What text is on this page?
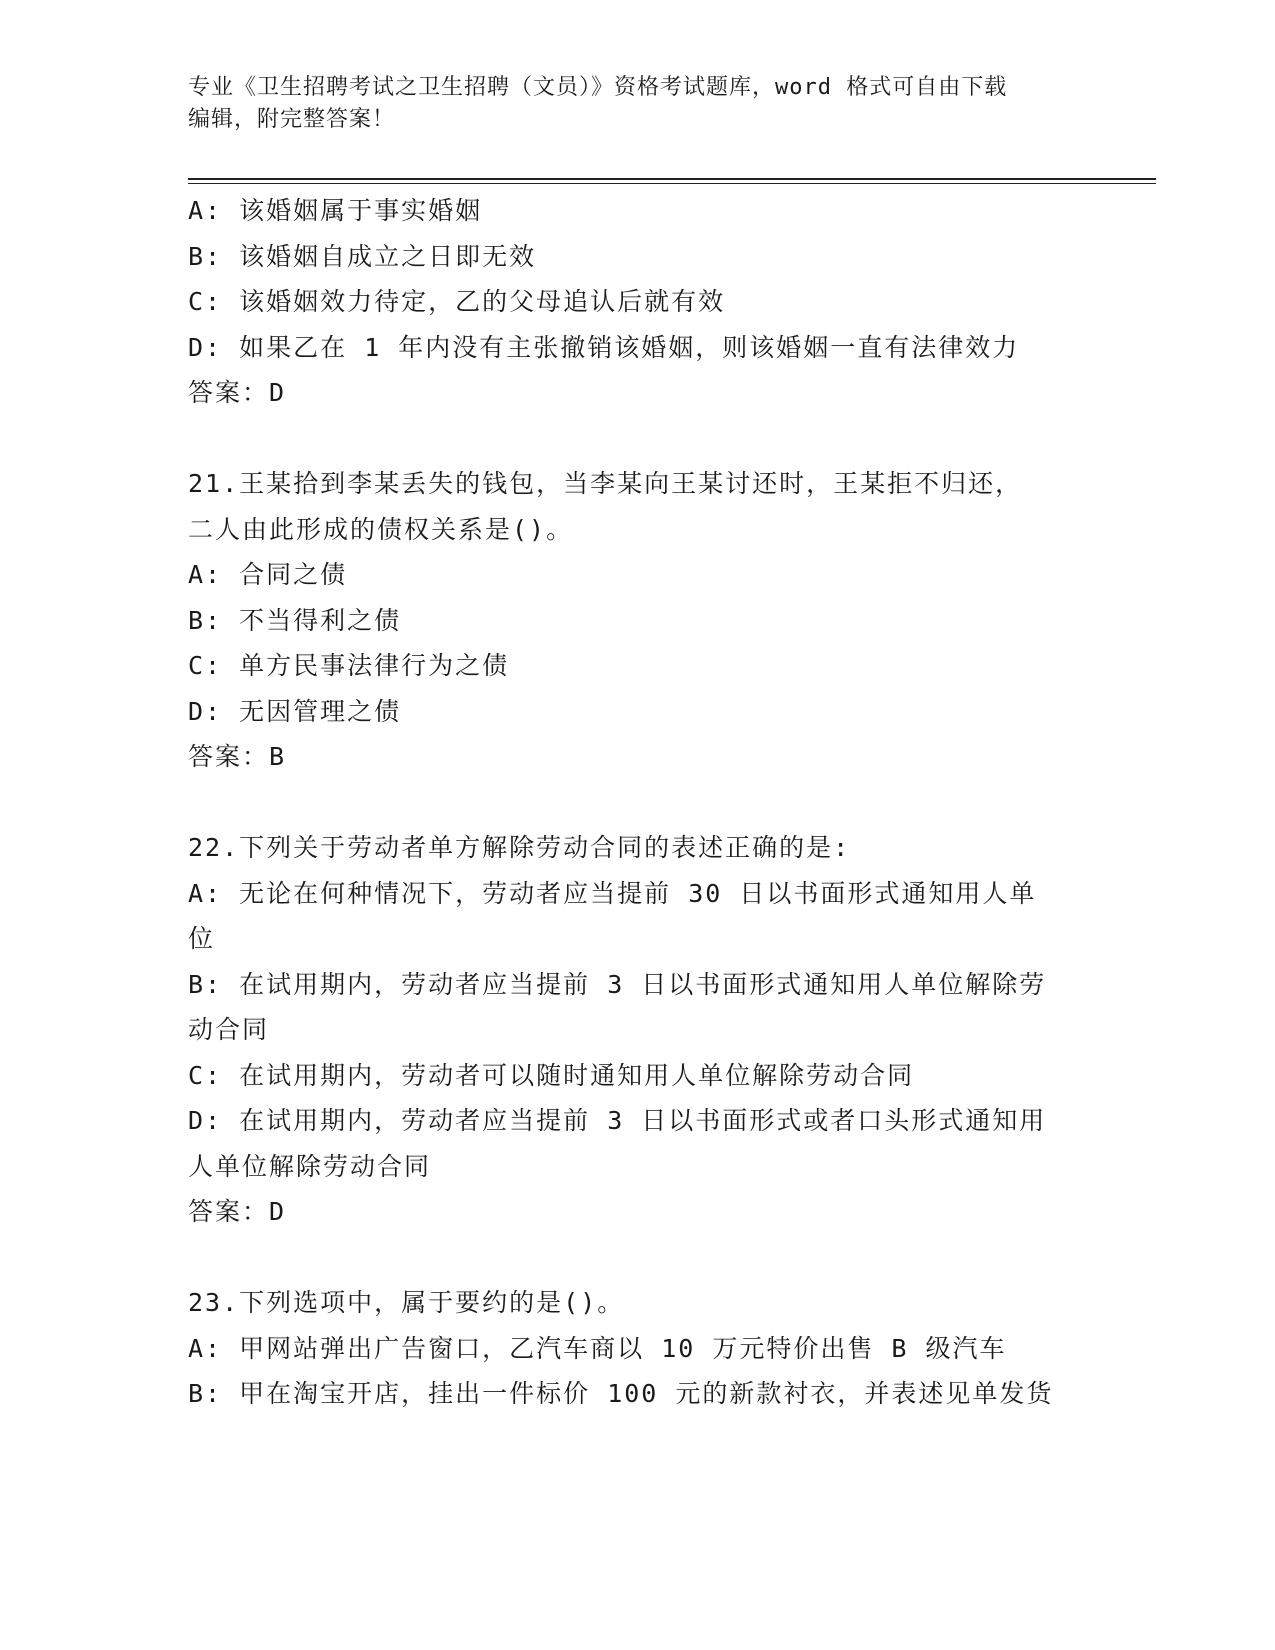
专业《卫生招聘考试之卫生招聘（文员）》资格考试题库，word 格式可自由下载
编辑，附完整答案！
A: 该婚姻属于事实婚姻
B: 该婚姻自成立之日即无效
C: 该婚姻效力待定，乙的父母追认后就有效
D: 如果乙在 1 年内没有主张撤销该婚姻，则该婚姻一直有法律效力
答案：D
21.王某拾到李某丢失的钱包，当李某向王某讨还时，王某拒不归还，
二人由此形成的债权关系是()。
A: 合同之债
B: 不当得利之债
C: 单方民事法律行为之债
D: 无因管理之债
答案：B
22.下列关于劳动者单方解除劳动合同的表述正确的是:
A: 无论在何种情况下，劳动者应当提前 30 日以书面形式通知用人单
位
B: 在试用期内，劳动者应当提前 3 日以书面形式通知用人单位解除劳
动合同
C: 在试用期内，劳动者可以随时通知用人单位解除劳动合同
D: 在试用期内，劳动者应当提前 3 日以书面形式或者口头形式通知用
人单位解除劳动合同
答案：D
23.下列选项中，属于要约的是()。
A: 甲网站弹出广告窗口，乙汽车商以 10 万元特价出售 B 级汽车
B: 甲在淘宝开店，挂出一件标价 100 元的新款衬衣，并表述见单发货
